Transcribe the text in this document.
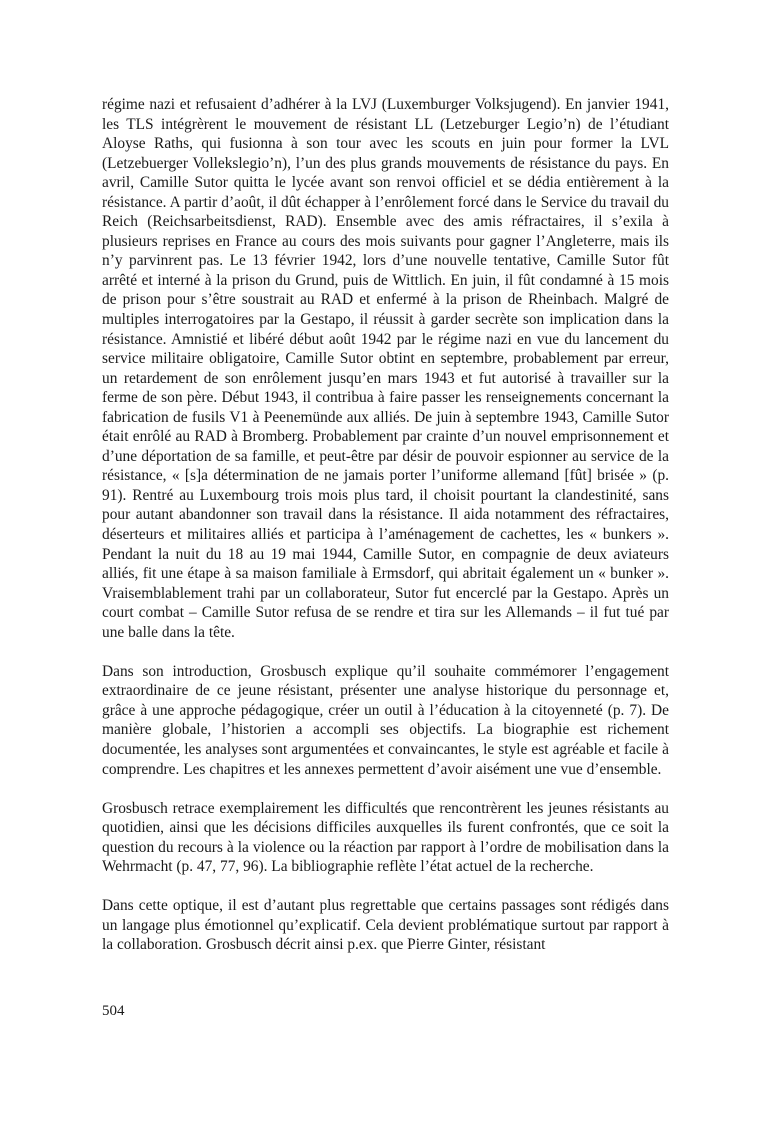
régime nazi et refusaient d’adhérer à la LVJ (Luxemburger Volksjugend). En janvier 1941, les TLS intégrèrent le mouvement de résistant LL (Letzeburger Legio’n) de l’étudiant Aloyse Raths, qui fusionna à son tour avec les scouts en juin pour former la LVL (Letzebuerger Vollekslegio’n), l’un des plus grands mouvements de résistance du pays. En avril, Camille Sutor quitta le lycée avant son renvoi officiel et se dédia entièrement à la résistance. A partir d’août, il dût échapper à l’enrôlement forcé dans le Service du travail du Reich (Reichsarbeitsdienst, RAD). Ensemble avec des amis réfractaires, il s’exila à plusieurs reprises en France au cours des mois suivants pour gagner l’Angleterre, mais ils n’y parvinrent pas. Le 13 février 1942, lors d’une nouvelle tentative, Camille Sutor fût arrêté et interné à la prison du Grund, puis de Wittlich. En juin, il fût condamné à 15 mois de prison pour s’être soustrait au RAD et enfermé à la prison de Rheinbach. Malgré de multiples interrogatoires par la Gestapo, il réussit à garder secrète son implication dans la résistance. Amnistié et libéré début août 1942 par le régime nazi en vue du lancement du service militaire obligatoire, Camille Sutor obtint en septembre, probablement par erreur, un retardement de son enrôlement jusqu’en mars 1943 et fut autorisé à travailler sur la ferme de son père. Début 1943, il contribua à faire passer les renseignements concernant la fabrication de fusils V1 à Peenemünde aux alliés. De juin à septembre 1943, Camille Sutor était enrôlé au RAD à Bromberg. Probablement par crainte d’un nouvel emprisonnement et d’une déportation de sa famille, et peut-être par désir de pouvoir espionner au service de la résistance, « [s]a détermination de ne jamais porter l’uniforme allemand [fût] brisée » (p. 91). Rentré au Luxembourg trois mois plus tard, il choisit pourtant la clandestinité, sans pour autant abandonner son travail dans la résistance. Il aida notamment des réfractaires, déserteurs et militaires alliés et participa à l’aménagement de cachettes, les « bunkers ». Pendant la nuit du 18 au 19 mai 1944, Camille Sutor, en compagnie de deux aviateurs alliés, fit une étape à sa maison familiale à Ermsdorf, qui abritait également un « bunker ». Vraisemblablement trahi par un collaborateur, Sutor fut encerclé par la Gestapo. Après un court combat – Camille Sutor refusa de se rendre et tira sur les Allemands – il fut tué par une balle dans la tête.

Dans son introduction, Grosbusch explique qu’il souhaite commémorer l’engagement extraordinaire de ce jeune résistant, présenter une analyse historique du personnage et, grâce à une approche pédagogique, créer un outil à l’éducation à la citoyenneté (p. 7). De manière globale, l’historien a accompli ses objectifs. La biographie est richement documentée, les analyses sont argumentées et convaincantes, le style est agréable et facile à comprendre. Les chapitres et les annexes permettent d’avoir aisément une vue d’ensemble.

Grosbusch retrace exemplairement les difficultés que rencontrèrent les jeunes résistants au quotidien, ainsi que les décisions difficiles auxquelles ils furent confrontés, que ce soit la question du recours à la violence ou la réaction par rapport à l’ordre de mobilisation dans la Wehrmacht (p. 47, 77, 96). La bibliographie reflète l’état actuel de la recherche.

Dans cette optique, il est d’autant plus regrettable que certains passages sont rédigés dans un langage plus émotionnel qu’explicatif. Cela devient problématique surtout par rapport à la collaboration. Grosbusch décrit ainsi p.ex. que Pierre Ginter, résistant

504
